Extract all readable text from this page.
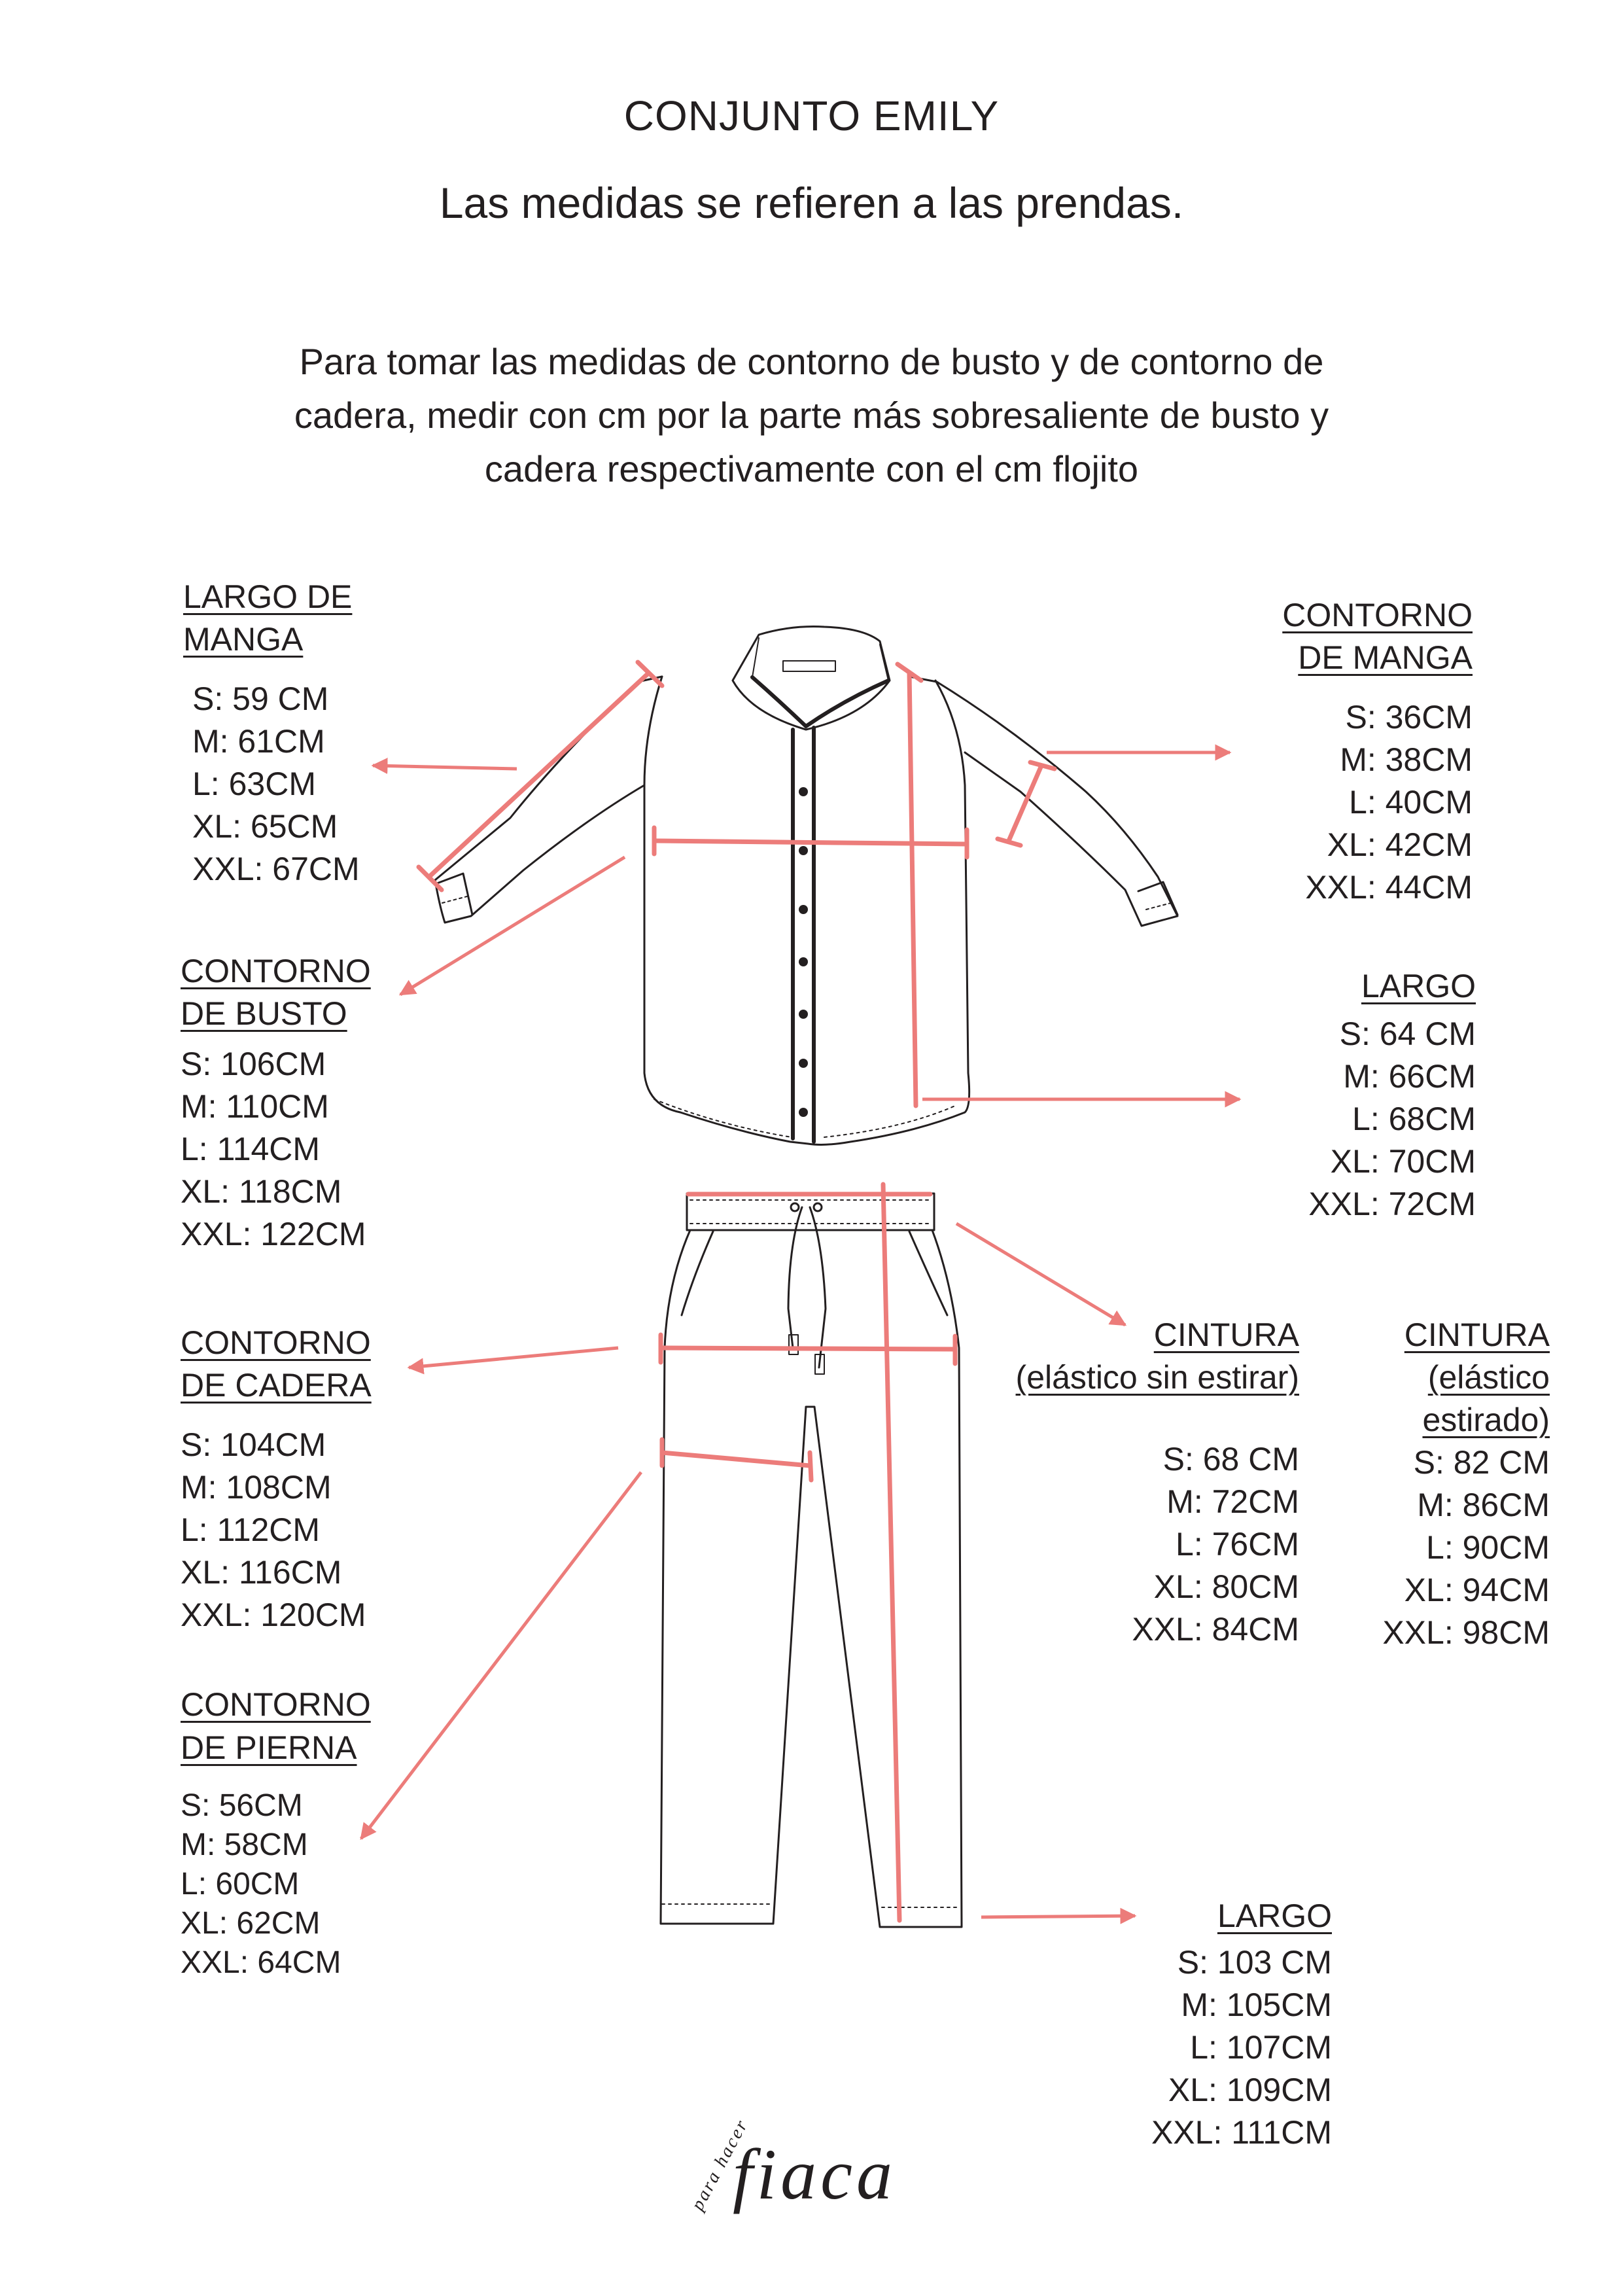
CONJUNTO EMILY
Las medidas se refieren a las prendas.
Para tomar las medidas de contorno de busto y de contorno de
cadera, medir con cm por la parte más sobresaliente de busto y
cadera respectivamente con el cm flojito
LARGO DE
MANGA
S: 59 CM
M: 61CM
L: 63CM
XL: 65CM
XXL: 67CM
CONTORNO
DE MANGA
S: 36CM
M: 38CM
L: 40CM
XL: 42CM
XXL: 44CM
CONTORNO
DE BUSTO
S: 106CM
M: 110CM
L: 114CM
XL: 118CM
XXL: 122CM
LARGO
S: 64 CM
M: 66CM
L: 68CM
XL: 70CM
XXL: 72CM
CONTORNO
DE CADERA
S: 104CM
M: 108CM
L: 112CM
XL: 116CM
XXL: 120CM
CINTURA
(elástico sin estirar)
S: 68 CM
M: 72CM
L: 76CM
XL: 80CM
XXL: 84CM
CINTURA
(elástico
estirado)
S: 82 CM
M: 86CM
L: 90CM
XL: 94CM
XXL: 98CM
CONTORNO
DE PIERNA
S: 56CM
M: 58CM
L: 60CM
XL: 62CM
XXL: 64CM
LARGO
S: 103 CM
M: 105CM
L: 107CM
XL: 109CM
XXL: 111CM
para hacer
fiaca
